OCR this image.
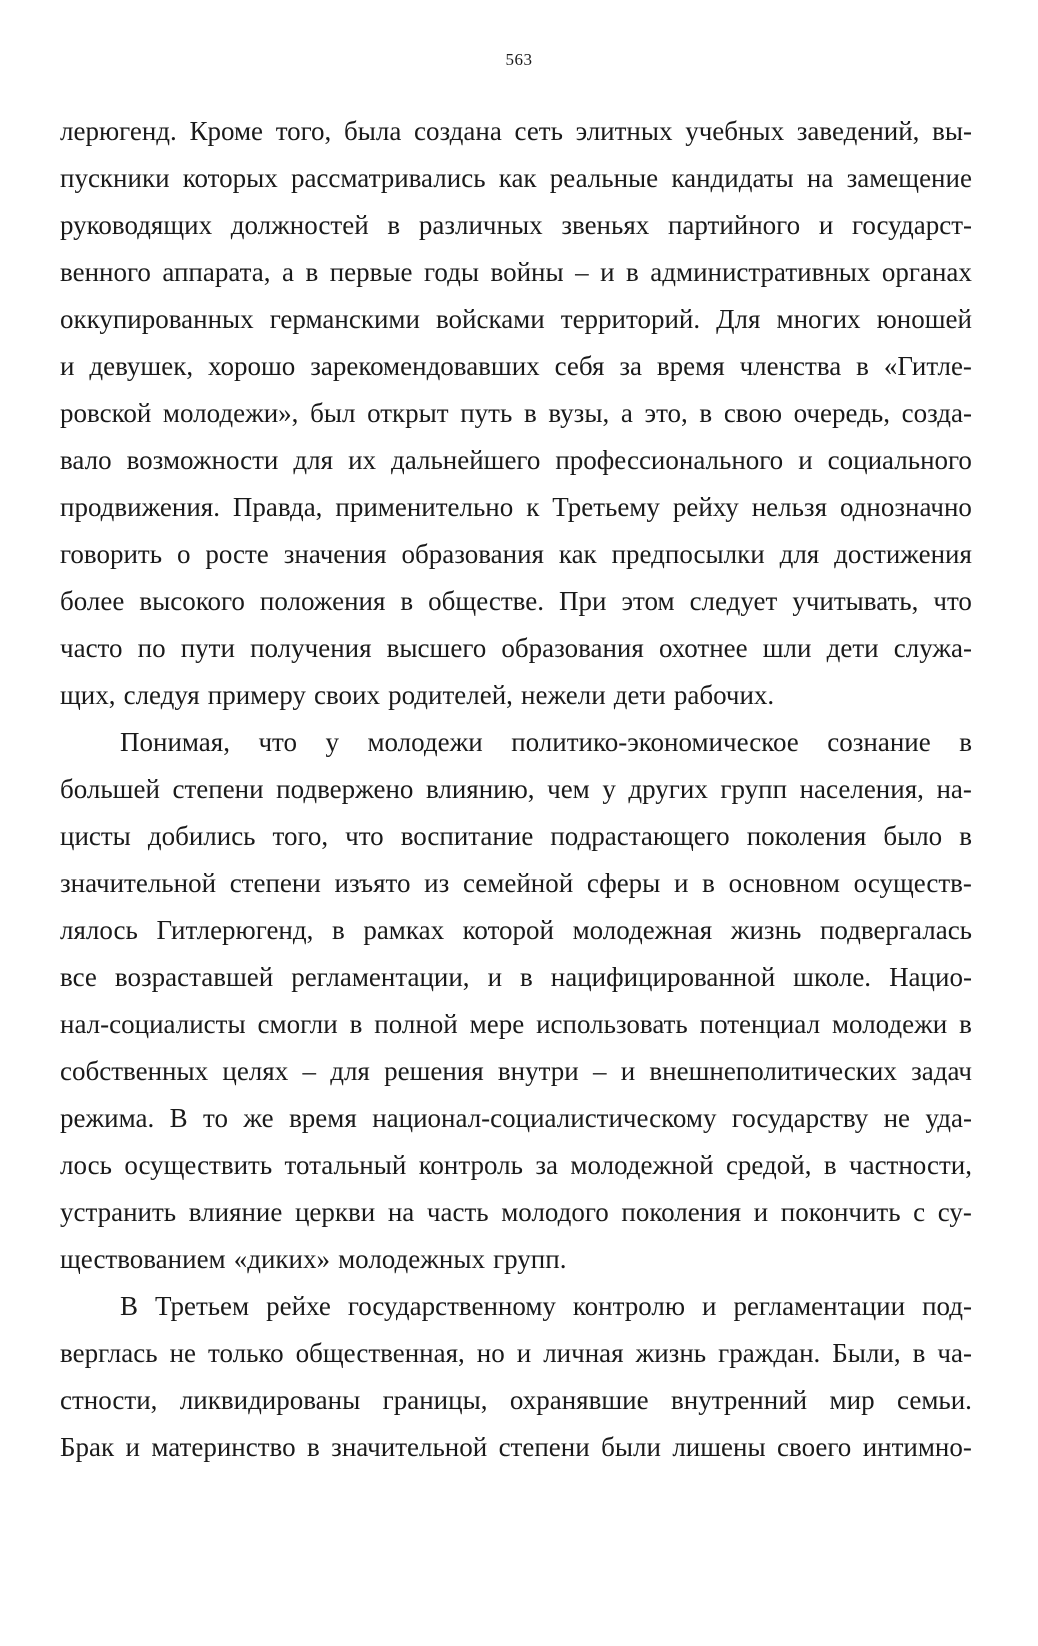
563
лерюгенд. Кроме того, была создана сеть элитных учебных заведений, вы-
пускники которых рассматривались как реальные кандидаты на замещение
руководящих должностей в различных звеньях партийного и государст-
венного аппарата, а в первые годы войны – и в административных органах
оккупированных германскими войсками территорий. Для многих юношей
и девушек, хорошо зарекомендовавших себя за время членства в «Гитле-
ровской молодежи», был открыт путь в вузы, а это, в свою очередь, созда-
вало возможности для их дальнейшего профессионального и социального
продвижения. Правда, применительно к Третьему рейху нельзя однозначно
говорить о росте значения образования как предпосылки для достижения
более высокого положения в обществе. При этом следует учитывать, что
часто по пути получения высшего образования охотнее шли дети служа-
щих, следуя примеру своих родителей, нежели дети рабочих.
Понимая, что у молодежи политико-экономическое сознание в
большей степени подвержено влиянию, чем у других групп населения, на-
цисты добились того, что воспитание подрастающего поколения было в
значительной степени изъято из семейной сферы и в основном осуществ-
лялось Гитлерюгенд, в рамках которой молодежная жизнь подвергалась
все возраставшей регламентации, и в нацифицированной школе. Нацио-
нал-социалисты смогли в полной мере использовать потенциал молодежи в
собственных целях – для решения внутри – и внешнеполитических задач
режима. В то же время национал-социалистическому государству не уда-
лось осуществить тотальный контроль за молодежной средой, в частности,
устранить влияние церкви на часть молодого поколения и покончить с су-
ществованием «диких» молодежных групп.
В Третьем рейхе государственному контролю и регламентации под-
верглась не только общественная, но и личная жизнь граждан. Были, в ча-
стности, ликвидированы границы, охранявшие внутренний мир семьи.
Брак и материнство в значительной степени были лишены своего интимно-
